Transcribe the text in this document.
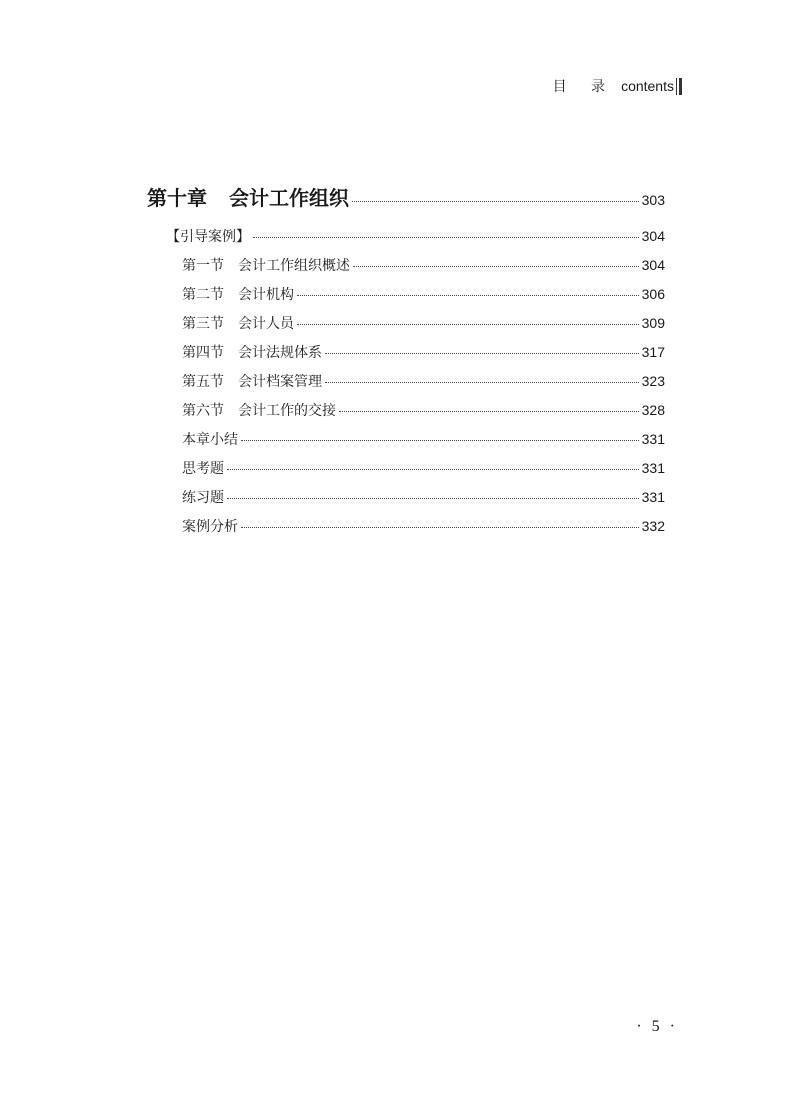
目 录 contents
第十章 会计工作组织	303
【引导案例】	304
第一节 会计工作组织概述	304
第二节 会计机构	306
第三节 会计人员	309
第四节 会计法规体系	317
第五节 会计档案管理	323
第六节 会计工作的交接	328
本章小结	331
思考题	331
练习题	331
案例分析	332
· 5 ·
